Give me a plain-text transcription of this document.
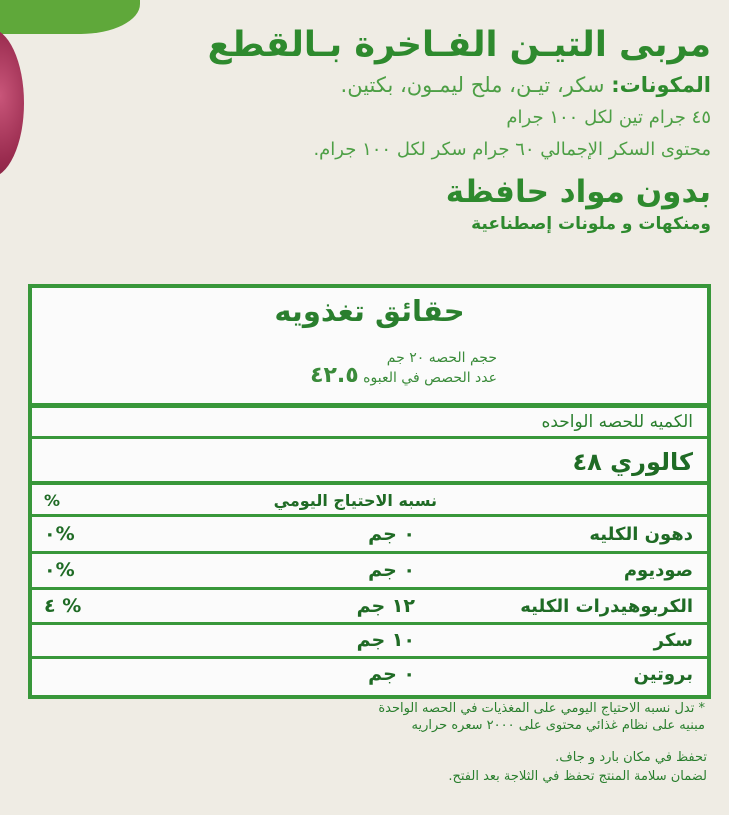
مربى التيـن الفـاخرة بـالقطع
المكونات: سكر، تيـن، ملح ليمـون، بكتين.
٤٥ جرام تين لكل ١٠٠ جرام
محتوى السكر الإجمالي ٦٠ جرام سكر لكل ١٠٠ جرام.
بدون مواد حافظة
ومنكهات و ملونات إصطناعية
حقائق تغذويه
حجم الحصه ٢٠ جم
عدد الحصص في العبوه ٤٢.٥
الكميه للحصه الواحده
كالوري ٤٨
نسبه الاحتياج اليومي
%
دهون الكليه
٠ جم
٠%
صوديوم
٠ جم
٠%
الكربوهيدرات الكليه
١٢ جم
٤ %
سكر
١٠ جم
بروتين
٠ جم
* تدل نسبه الاحتياج اليومي على المغذيات في الحصه الواحدة
مبنيه على نظام غذائي محتوى على ٢٠٠٠ سعره حراريه
تحفظ في مكان بارد و جاف.
لضمان سلامة المنتج تحفظ في الثلاجة بعد الفتح.
